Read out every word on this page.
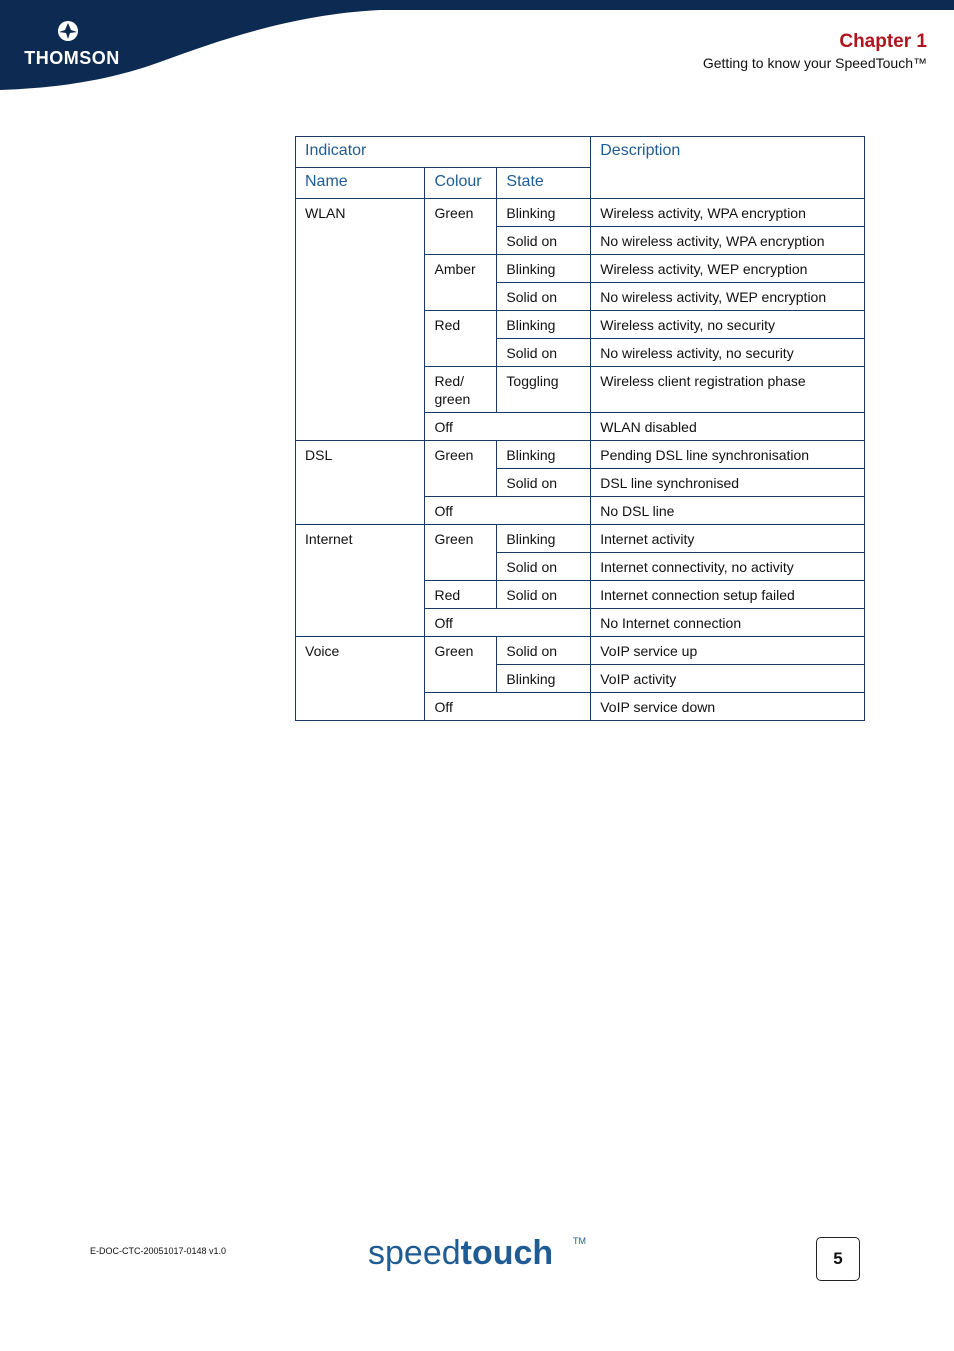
THOMSON
Chapter 1
Getting to know your SpeedTouch™
Indicator			Description
Name	Colour	State	
WLAN	Green	Blinking	Wireless activity, WPA encryption
		Solid on	No wireless activity, WPA encryption
	Amber	Blinking	Wireless activity, WEP encryption
		Solid on	No wireless activity, WEP encryption
	Red	Blinking	Wireless activity, no security
		Solid on	No wireless activity, no security
	Red/ green	Toggling	Wireless client registration phase
	Off		WLAN disabled
DSL	Green	Blinking	Pending DSL line synchronisation
		Solid on	DSL line synchronised
	Off		No DSL line
Internet	Green	Blinking	Internet activity
		Solid on	Internet connectivity, no activity
	Red	Solid on	Internet connection setup failed
	Off		No Internet connection
Voice	Green	Solid on	VoIP service up
		Blinking	VoIP activity
	Off		VoIP service down
E-DOC-CTC-20051017-0148 v1.0	speedtouch TM
5
